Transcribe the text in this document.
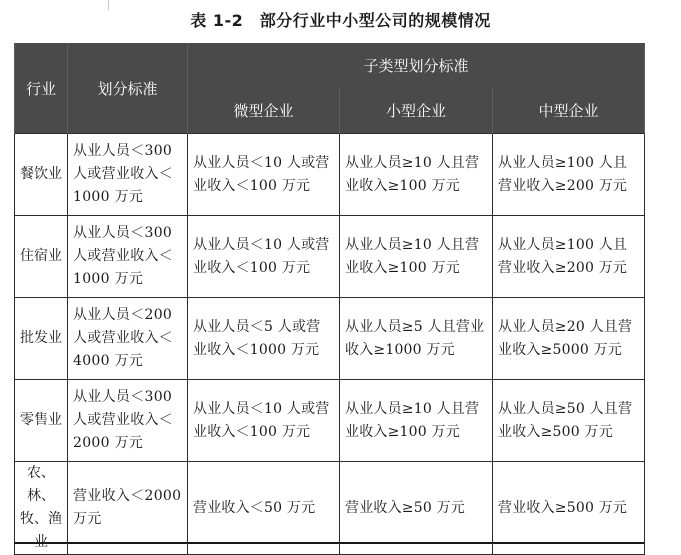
表 1-2　部分行业中小型公司的规模情况
行业	划分标准	子类型划分标准		
		微型企业	小型企业	中型企业
餐饮业	从业人员＜300人或营业收入＜1000 万元	从业人员＜10 人或营业收入＜100 万元	从业人员≥10 人且营业收入≥100 万元	从业人员≥100 人且营业收入≥200 万元
住宿业	从业人员＜300人或营业收入＜1000 万元	从业人员＜10 人或营业收入＜100 万元	从业人员≥10 人且营业收入≥100 万元	从业人员≥100 人且营业收入≥200 万元
批发业	从业人员＜200人或营业收入＜4000 万元	从业人员＜5 人或营业收入＜1000 万元	从业人员≥5 人且营业收入≥1000 万元	从业人员≥20 人且营业收入≥5000 万元
零售业	从业人员＜300人或营业收入＜2000 万元	从业人员＜10 人或营业收入＜100 万元	从业人员≥10 人且营业收入≥100 万元	从业人员≥50 人且营业收入≥500 万元
农、林、牧、渔业	营业收入＜2000 万元	营业收入＜50 万元	营业收入≥50 万元	营业收入≥500 万元
